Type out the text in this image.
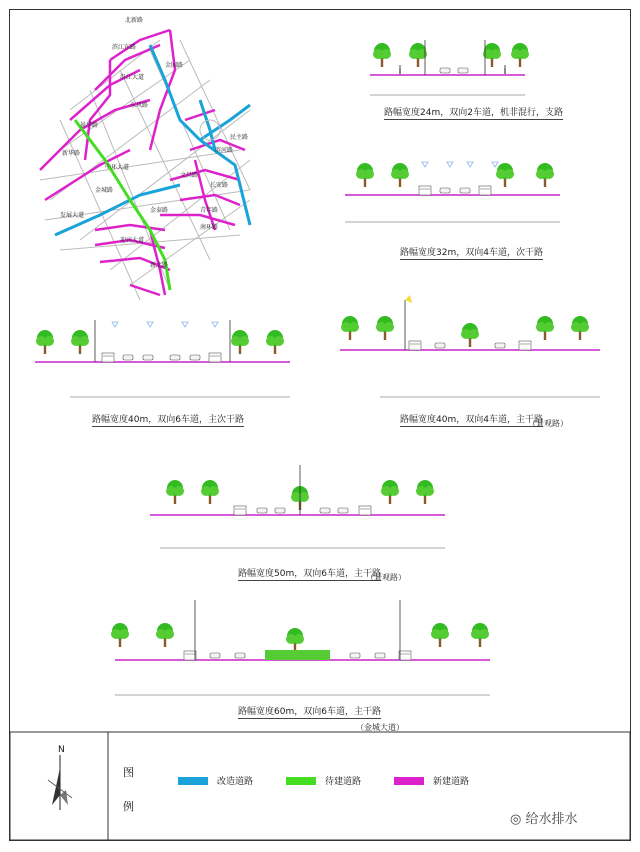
北新路
滨江东路
沿江大道
景华路
新华路
东风路
金城路
中环大道
金泰路
迎宾大道
滨河路
长安路
文昌路
青年路
南环路
民主路
金园路
新北路
发展大道
路幅宽度24m，双向2车道，机非混行，支路
路幅宽度32m，双向4车道，次干路
路幅宽度40m，双向6车道，主次干路	路幅宽度40m，双向4车道，主干路
（景观路）
路幅宽度50m，双向6车道，主干路
（景观路）
路幅宽度60m，双向6车道，主干路
（金城大道）
N
图
例
改造道路	待建道路	新建道路
◎ 给水排水
